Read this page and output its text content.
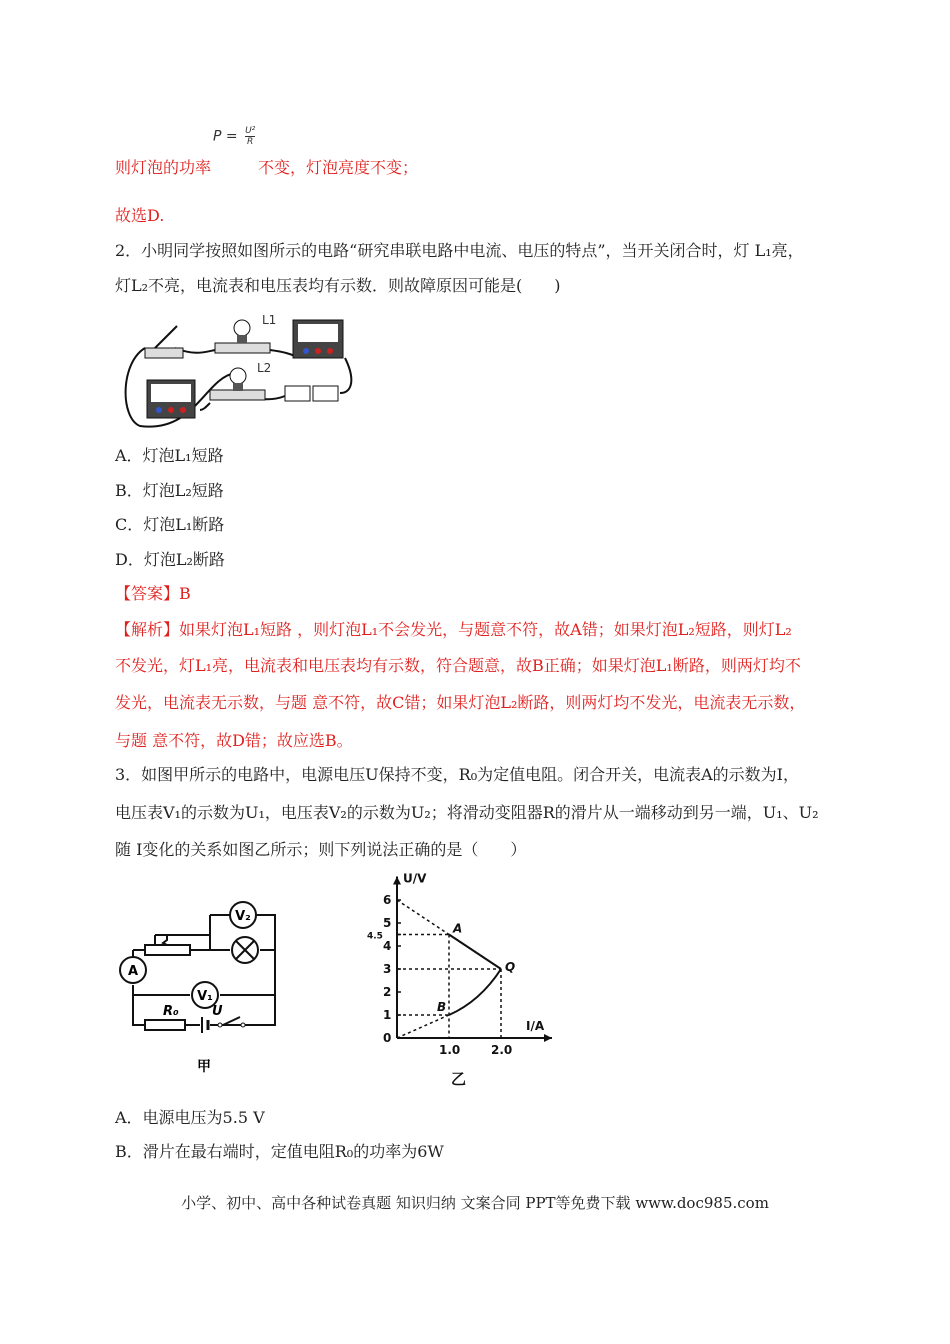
$P = \frac{\text{U²}}{R}$
则灯泡的功率	不变，灯泡亮度不变；
故选D.
2．小明同学按照如图所示的电路“研究串联电路中电流、电压的特点”，当开关闭合时，灯 L₁亮，
灯L₂不亮，电流表和电压表均有示数．则故障原因可能是(　　)
L1
L2
A．灯泡L₁短路
B．灯泡L₂短路
C．灯泡L₁断路
D．灯泡L₂断路
【答案】B
【解析】如果灯泡L₁短路 ，则灯泡L₁不会发光，与题意不符，故A错；如果灯泡L₂短路，则灯L₂
不发光，灯L₁亮，电流表和电压表均有示数，符合题意，故B正确；如果灯泡L₁断路，则两灯均不
发光，电流表无示数，与题 意不符，故C错；如果灯泡L₂断路，则两灯均不发光，电流表无示数，
与题 意不符，故D错；故应选B。
3．如图甲所示的电路中，电源电压U保持不变，R₀为定值电阻。闭合开关，电流表A的示数为I，
电压表V₁的示数为U₁，电压表V₂的示数为U₂；将滑动变阻器R的滑片从一端移动到另一端，U₁、U₂
随 I变化的关系如图乙所示；则下列说法正确的是（　　）
V₂
A
V₁
R₀	U
甲
U/V
I/A
0
1
2
3
4
4.5
5
6
1.0	2.0
A
B
Q
乙
A．电源电压为5.5 V
B．滑片在最右端时，定值电阻R₀的功率为6W
小学、初中、高中各种试卷真题 知识归纳 文案合同 PPT等免费下载 www.doc985.com
